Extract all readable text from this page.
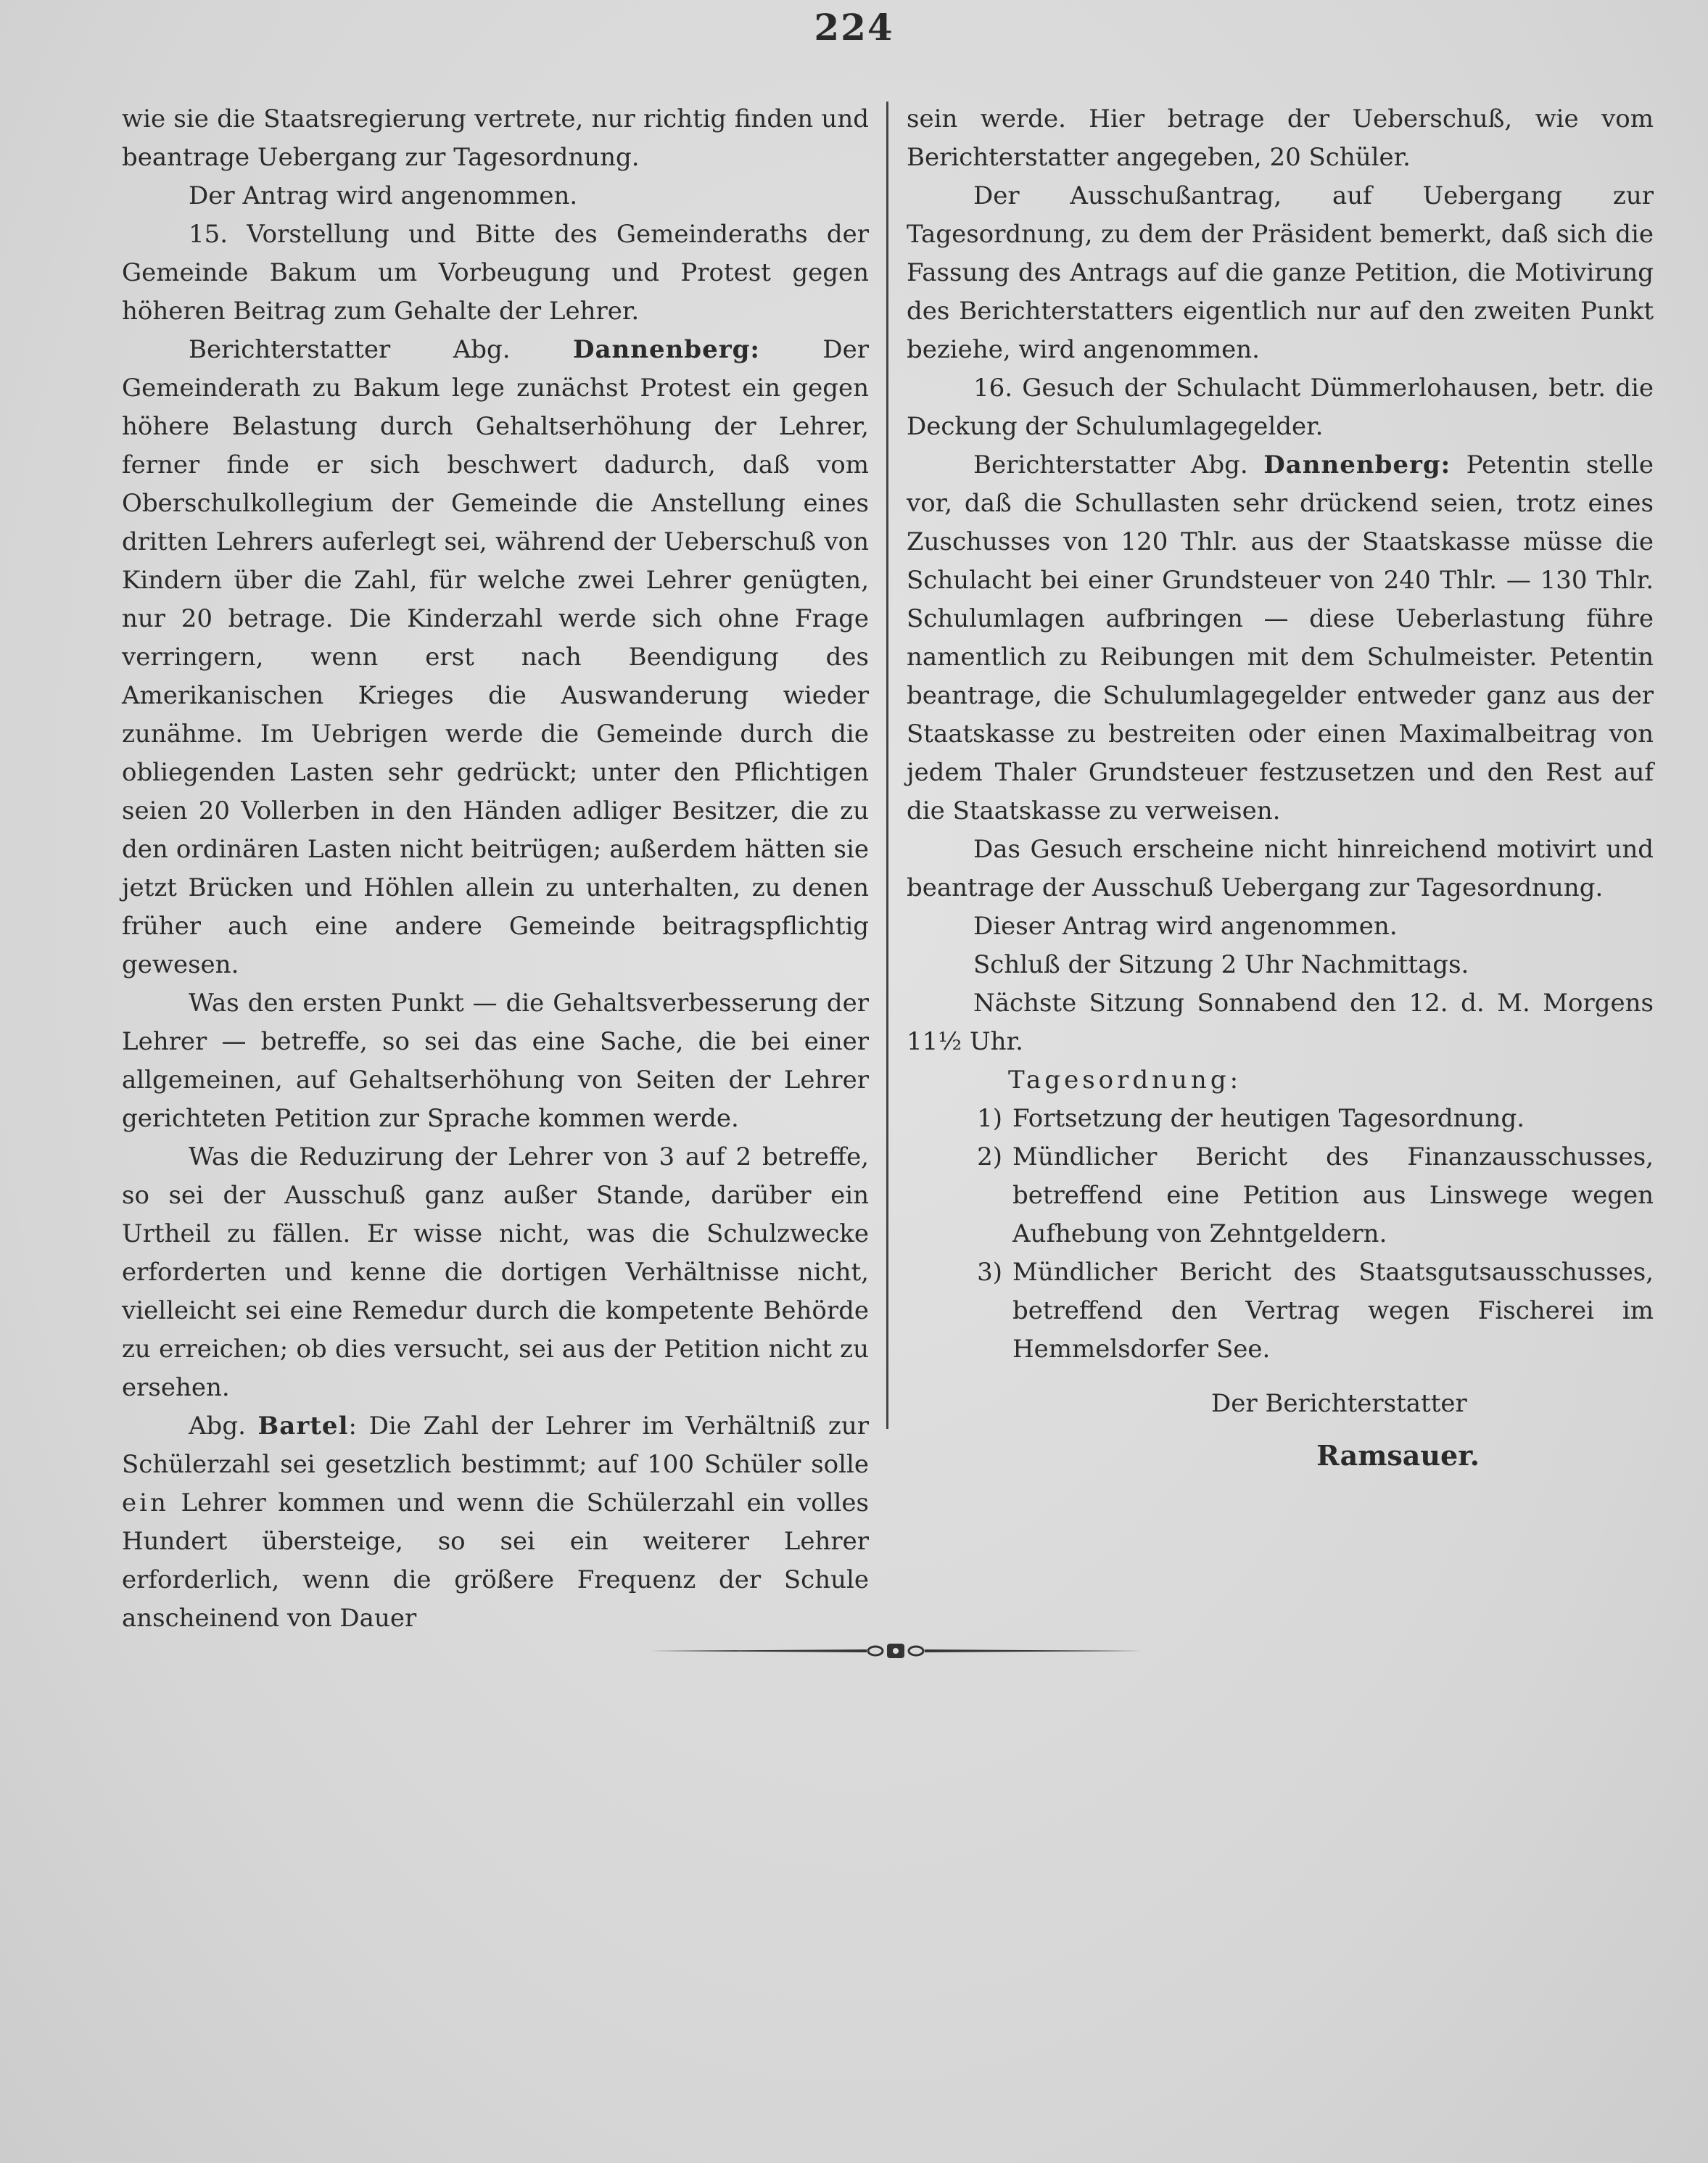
224

wie sie die Staatsregierung vertrete, nur richtig finden und beantrage Uebergang zur Tagesordnung.

Der Antrag wird angenommen.

15. Vorstellung und Bitte des Gemeinderaths der Gemeinde Bakum um Vorbeugung und Protest gegen höheren Beitrag zum Gehalte der Lehrer.

Berichterstatter Abg.	Dannenberg:	Der Gemeinderath zu Bakum lege zunächst Protest ein gegen höhere Belastung durch Gehaltserhöhung der Lehrer, ferner finde er sich beschwert dadurch, daß vom Oberschulkollegium der Gemeinde die Anstellung eines dritten Lehrers auferlegt sei, während der Ueberschuß von Kindern über die Zahl, für welche zwei Lehrer genügten, nur 20 betrage. Die Kinderzahl werde sich ohne Frage verringern, wenn erst nach Beendigung des Amerikanischen Krieges die Auswanderung wieder zunähme. Im Uebrigen werde die Gemeinde durch die obliegenden Lasten sehr gedrückt; unter den Pflichtigen seien 20 Vollerben in den Händen adliger Besitzer, die zu den ordinären Lasten nicht beitrügen; außerdem hätten sie jetzt Brücken und Höhlen allein zu unterhalten, zu denen früher auch eine andere Gemeinde beitragspflichtig gewesen.

Was den ersten Punkt — die Gehaltsverbesserung der Lehrer — betreffe, so sei das eine Sache, die bei einer allgemeinen, auf Gehaltserhöhung von Seiten der Lehrer gerichteten Petition zur Sprache kommen werde.

Was die Reduzirung der Lehrer von 3 auf 2 betreffe, so sei der Ausschuß ganz außer Stande, darüber ein Urtheil zu fällen. Er wisse nicht, was die Schulzwecke erforderten und kenne die dortigen Verhältnisse nicht, vielleicht sei eine Remedur durch die kompetente Behörde zu erreichen; ob dies versucht, sei aus der Petition nicht zu ersehen.

Abg. Bartel: Die Zahl der Lehrer im Verhältniß zur Schülerzahl sei gesetzlich bestimmt; auf 100 Schüler solle ein Lehrer kommen und wenn die Schülerzahl ein volles Hundert übersteige, so sei ein weiterer Lehrer erforderlich, wenn die größere Frequenz der Schule anscheinend von Dauer

sein werde. Hier betrage der Ueberschuß, wie vom Berichterstatter angegeben, 20 Schüler.

Der Ausschußantrag, auf Uebergang zur Tagesordnung, zu dem der Präsident bemerkt, daß sich die Fassung des Antrags auf die ganze Petition, die Motivirung des Berichterstatters eigentlich nur auf den zweiten Punkt beziehe, wird angenommen.

16. Gesuch der Schulacht Dümmerlohausen, betr. die Deckung der Schulumlagegelder.

Berichterstatter Abg. Dannenberg: Petentin stelle vor, daß die Schullasten sehr drückend seien, trotz eines Zuschusses von 120 Thlr. aus der Staatskasse müsse die Schulacht bei einer Grundsteuer von 240 Thlr. — 130 Thlr. Schulumlagen aufbringen — diese Ueberlastung führe namentlich zu Reibungen mit dem Schulmeister. Petentin beantrage, die Schulumlagegelder entweder ganz aus der Staatskasse zu bestreiten oder einen Maximalbeitrag von jedem Thaler Grundsteuer festzusetzen und den Rest auf die Staatskasse zu verweisen.

Das Gesuch erscheine nicht hinreichend motivirt und beantrage der Ausschuß Uebergang zur Tagesordnung.

Dieser Antrag wird angenommen.

Schluß der Sitzung 2 Uhr Nachmittags.

Nächste Sitzung Sonnabend den 12. d. M. Morgens 11½ Uhr.

Tagesordnung:

1) Fortsetzung der heutigen Tagesordnung.
2) Mündlicher Bericht des Finanzausschusses, betreffend eine Petition aus Linswege wegen Aufhebung von Zehntgeldern.
3) Mündlicher Bericht des Staatsgutsausschusses, betreffend den Vertrag wegen Fischerei im Hemmelsdorfer See.

Der Berichterstatter

Ramsauer.
